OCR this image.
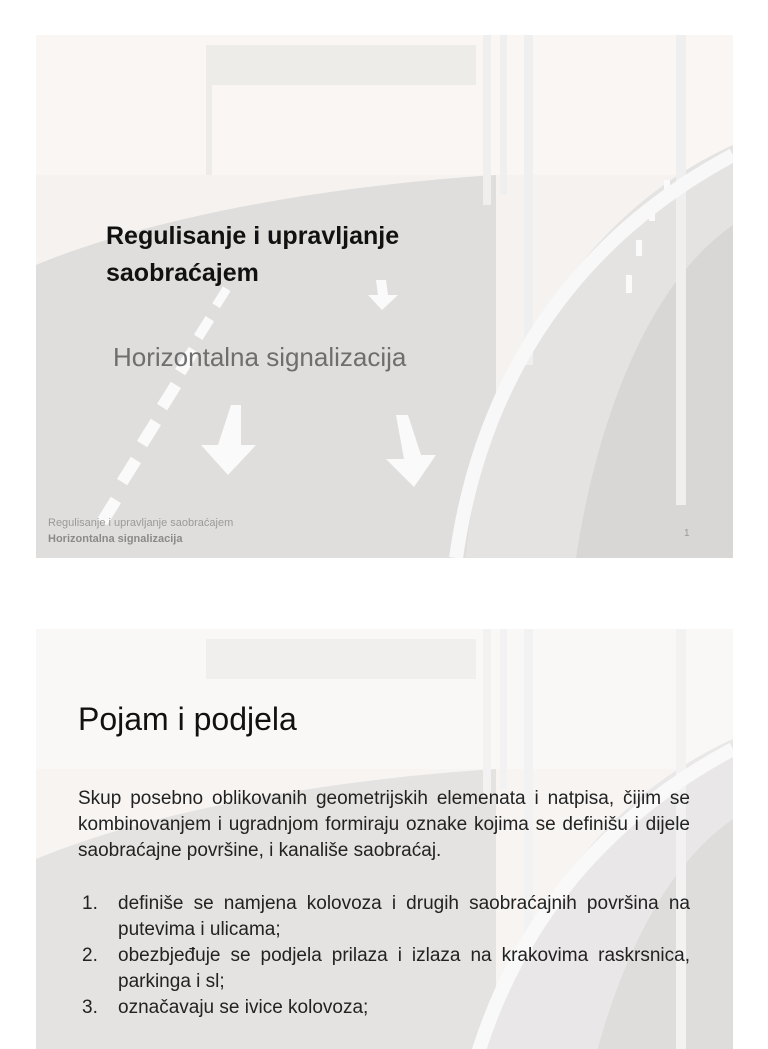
Regulisanje i upravljanje saobraćajem
Horizontalna signalizacija
Regulisanje i upravljanje saobraćajem
Horizontalna signalizacija	1
Pojam i podjela

Skup posebno oblikovanih geometrijskih elemenata i natpisa, čijim se kombinovanjem i ugradnjom formiraju oznake kojima se definišu i dijele saobraćajne površine, i kanališe saobraćaj.

1. definiše se namjena kolovoza i drugih saobraćajnih površina na putevima i ulicama;
2. obezbjeđuje se podjela prilaza i izlaza na krakovima raskrsnica, parkinga i sl;
3. označavaju se ivice kolovoza;
